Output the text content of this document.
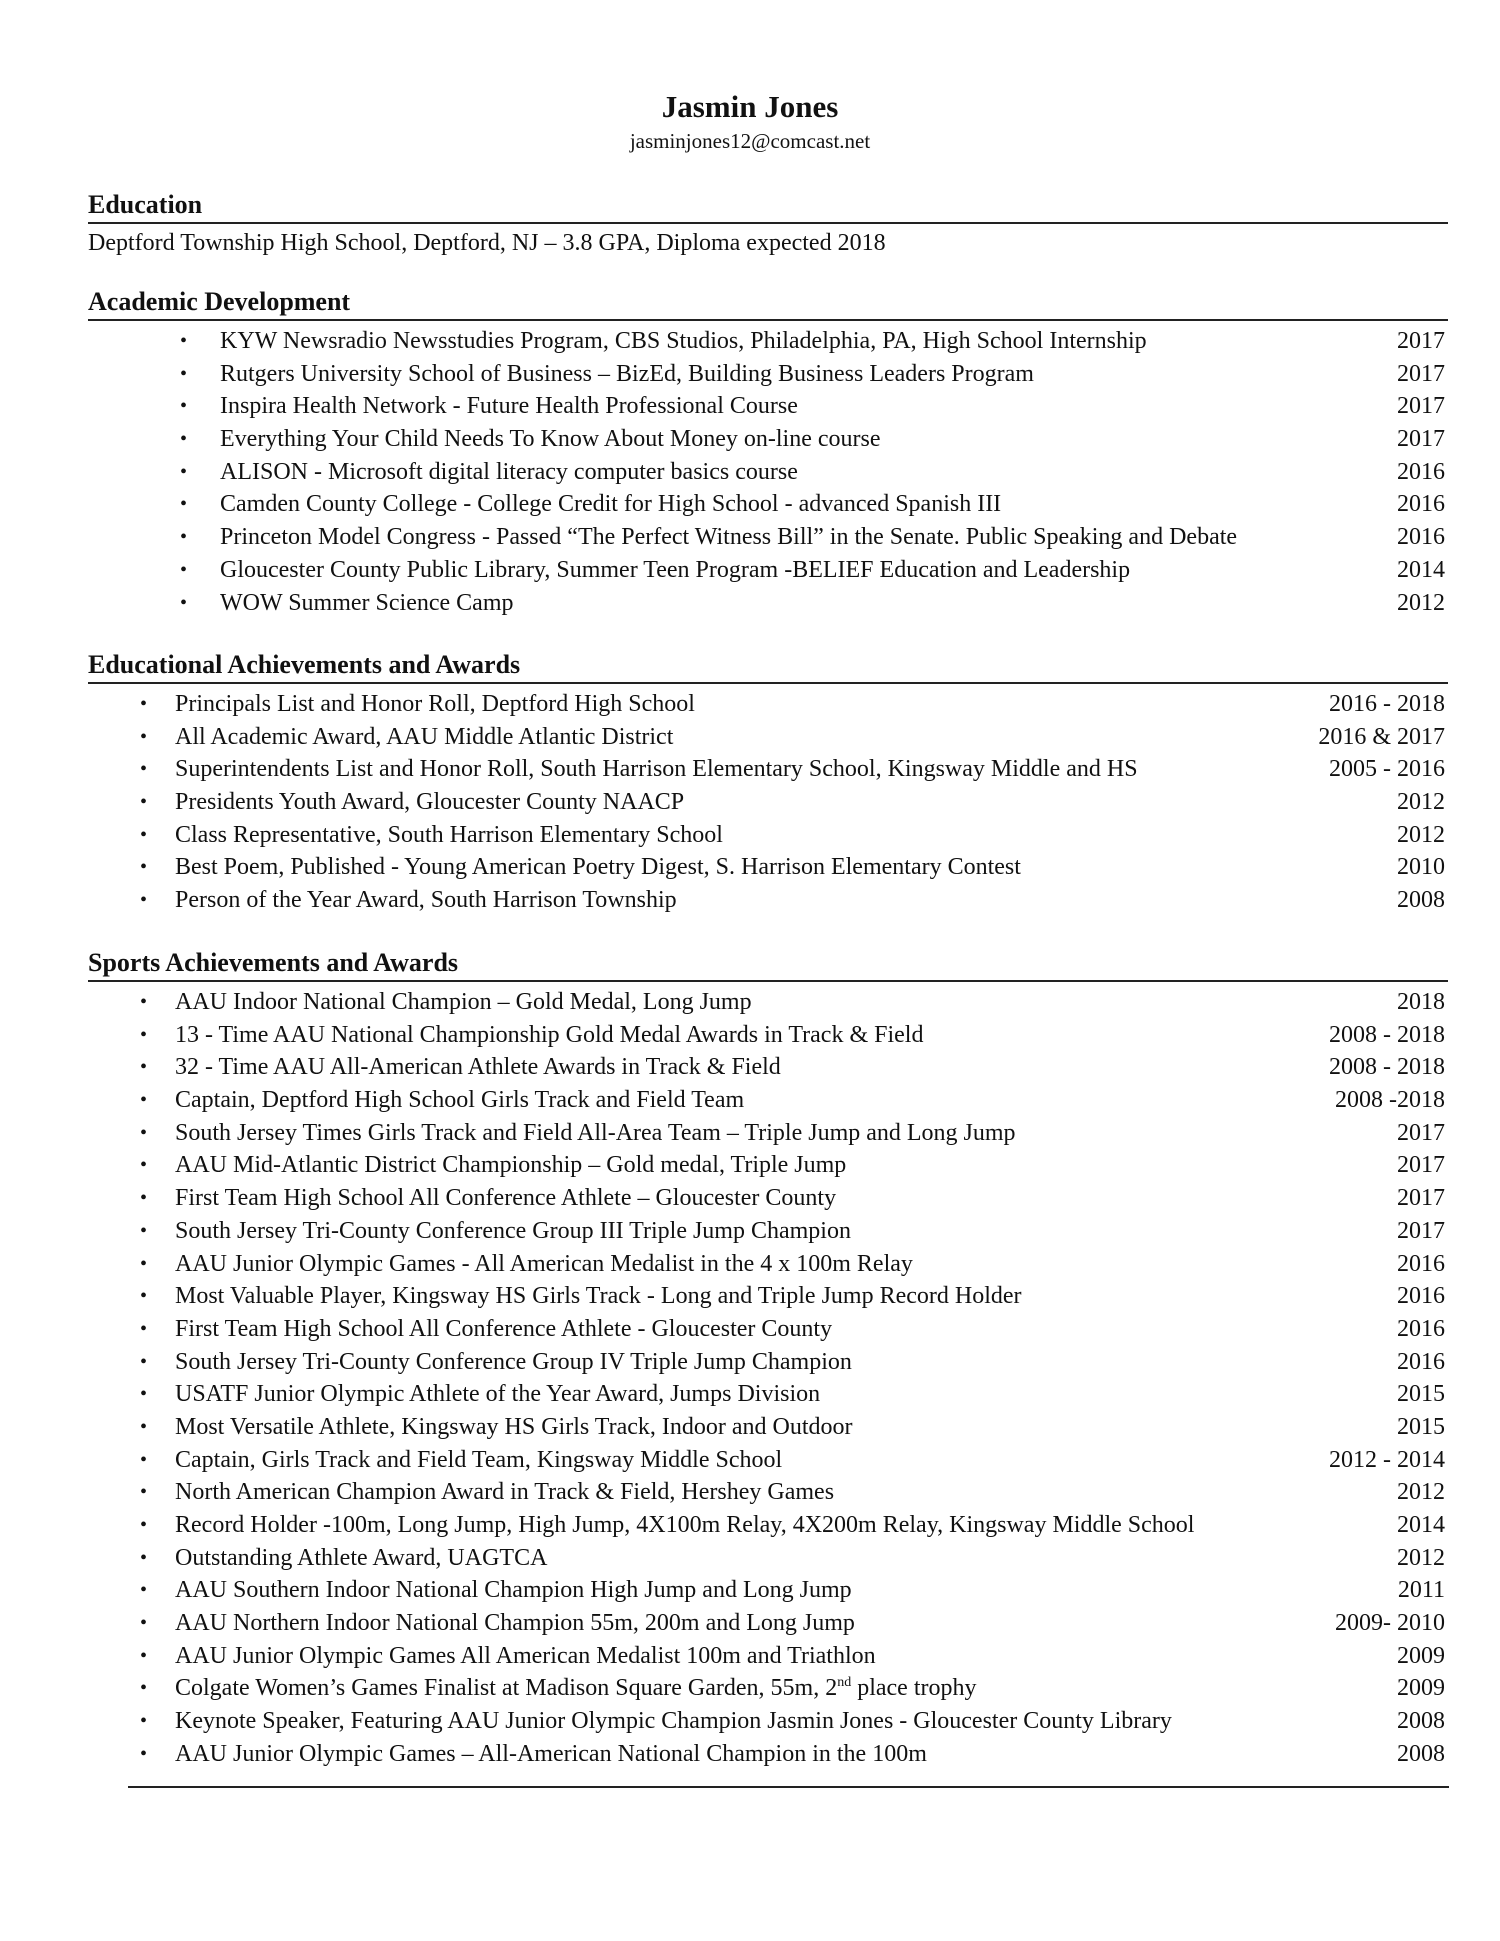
Jasmin Jones
jasminjones12@comcast.net
Education
Deptford Township High School, Deptford, NJ – 3.8 GPA, Diploma expected 2018
Academic Development
• KYW Newsradio Newsstudies Program, CBS Studios, Philadelphia, PA, High School Internship	2017
• Rutgers University School of Business – BizEd, Building Business Leaders Program	2017
• Inspira Health Network - Future Health Professional Course	2017
• Everything Your Child Needs To Know About Money on-line course	2017
• ALISON - Microsoft digital literacy computer basics course	2016
• Camden County College - College Credit for High School - advanced Spanish III	2016
• Princeton Model Congress - Passed “The Perfect Witness Bill” in the Senate. Public Speaking and Debate	2016
• Gloucester County Public Library, Summer Teen Program -BELIEF Education and Leadership	2014
• WOW Summer Science Camp	2012
Educational Achievements and Awards
• Principals List and Honor Roll, Deptford High School	2016 - 2018
• All Academic Award, AAU Middle Atlantic District	2016 & 2017
• Superintendents List and Honor Roll, South Harrison Elementary School, Kingsway Middle and HS	2005 - 2016
• Presidents Youth Award, Gloucester County NAACP	2012
• Class Representative, South Harrison Elementary School	2012
• Best Poem, Published - Young American Poetry Digest, S. Harrison Elementary Contest	2010
• Person of the Year Award, South Harrison Township	2008
Sports Achievements and Awards
• AAU Indoor National Champion – Gold Medal, Long Jump	2018
• 13 - Time AAU National Championship Gold Medal Awards in Track & Field	2008 - 2018
• 32 - Time AAU All-American Athlete Awards in Track & Field	2008 - 2018
• Captain, Deptford High School Girls Track and Field Team	2008 -2018
• South Jersey Times Girls Track and Field All-Area Team – Triple Jump and Long Jump	2017
• AAU Mid-Atlantic District Championship – Gold medal, Triple Jump	2017
• First Team High School All Conference Athlete – Gloucester County	2017
• South Jersey Tri-County Conference Group III Triple Jump Champion	2017
• AAU Junior Olympic Games - All American Medalist in the 4 x 100m Relay	2016
• Most Valuable Player, Kingsway HS Girls Track - Long and Triple Jump Record Holder	2016
• First Team High School All Conference Athlete - Gloucester County	2016
• South Jersey Tri-County Conference Group IV Triple Jump Champion	2016
• USATF Junior Olympic Athlete of the Year Award, Jumps Division	2015
• Most Versatile Athlete, Kingsway HS Girls Track, Indoor and Outdoor	2015
• Captain, Girls Track and Field Team, Kingsway Middle School	2012 - 2014
• North American Champion Award in Track & Field, Hershey Games	2012
• Record Holder -100m, Long Jump, High Jump, 4X100m Relay, 4X200m Relay, Kingsway Middle School	2014
• Outstanding Athlete Award, UAGTCA	2012
• AAU Southern Indoor National Champion High Jump and Long Jump	2011
• AAU Northern Indoor National Champion 55m, 200m and Long Jump	2009- 2010
• AAU Junior Olympic Games All American Medalist 100m and Triathlon	2009
• Colgate Women’s Games Finalist at Madison Square Garden, 55m, 2nd place trophy	2009
• Keynote Speaker, Featuring AAU Junior Olympic Champion Jasmin Jones - Gloucester County Library	2008
• AAU Junior Olympic Games – All-American National Champion in the 100m	2008
